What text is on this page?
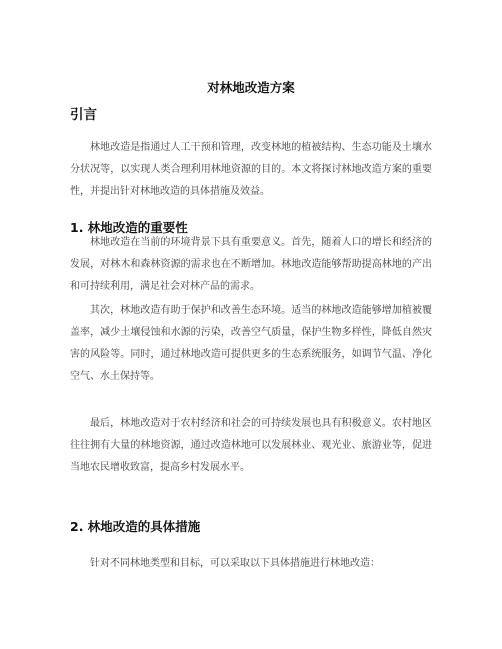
对林地改造方案
引言

林地改造是指通过人工干预和管理，改变林地的植被结构、生态功能及土壤水分状况等，以实现人类合理利用林地资源的目的。本文将探讨林地改造方案的重要性，并提出针对林地改造的具体措施及效益。

1. 林地改造的重要性

林地改造在当前的环境背景下具有重要意义。首先，随着人口的增长和经济的发展，对林木和森林资源的需求也在不断增加。林地改造能够帮助提高林地的产出和可持续利用，满足社会对林产品的需求。

其次，林地改造有助于保护和改善生态环境。适当的林地改造能够增加植被覆盖率，减少土壤侵蚀和水源的污染，改善空气质量，保护生物多样性，降低自然灾害的风险等。同时，通过林地改造可提供更多的生态系统服务，如调节气温、净化空气、水土保持等。

最后，林地改造对于农村经济和社会的可持续发展也具有积极意义。农村地区往往拥有大量的林地资源，通过改造林地可以发展林业、观光业、旅游业等，促进当地农民增收致富，提高乡村发展水平。

2. 林地改造的具体措施

针对不同林地类型和目标，可以采取以下具体措施进行林地改造：
